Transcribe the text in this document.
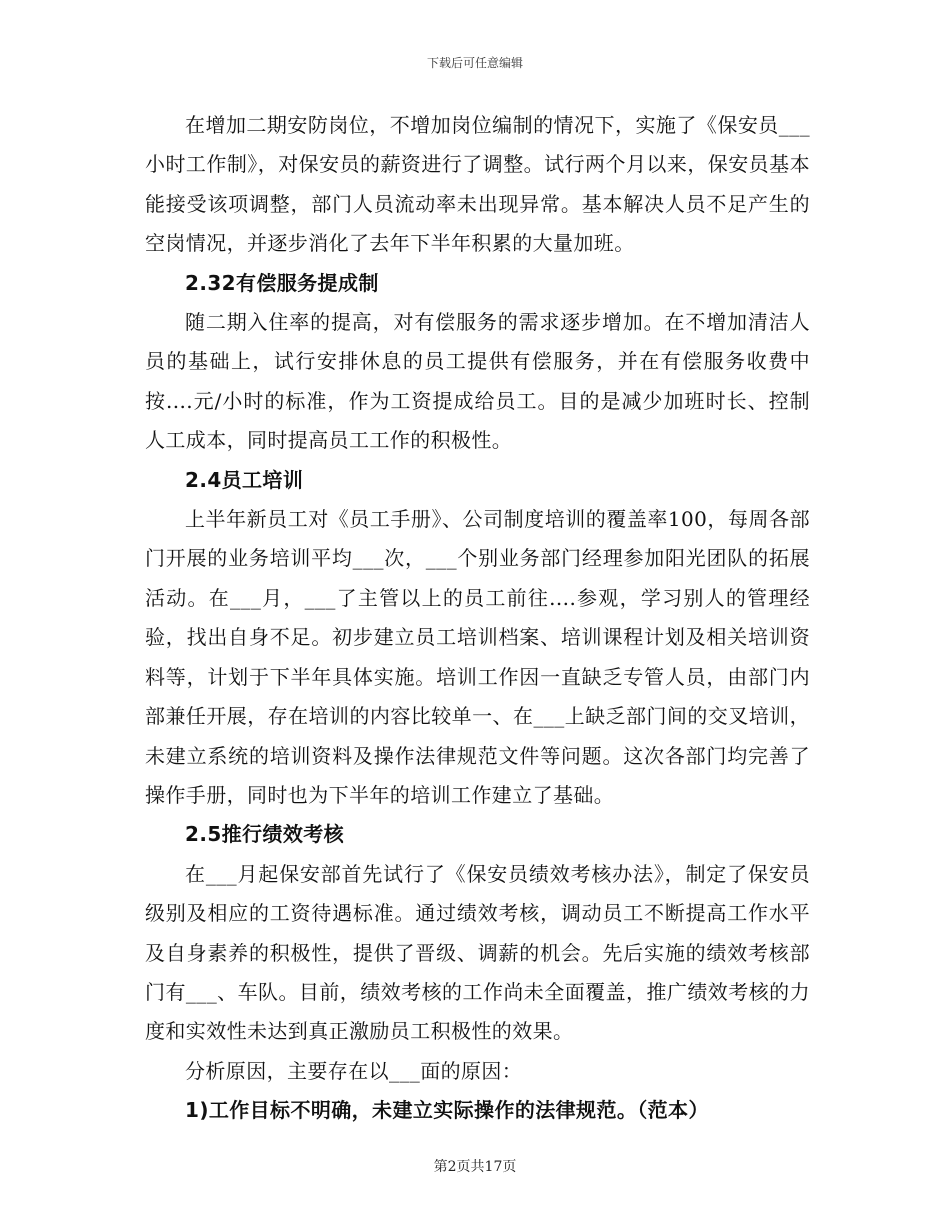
下载后可任意编辑

在增加二期安防岗位，不增加岗位编制的情况下，实施了《保安员___小时工作制》，对保安员的薪资进行了调整。试行两个月以来，保安员基本能接受该项调整，部门人员流动率未出现异常。基本解决人员不足产生的空岗情况，并逐步消化了去年下半年积累的大量加班。

2.32有偿服务提成制

随二期入住率的提高，对有偿服务的需求逐步增加。在不增加清洁人员的基础上，试行安排休息的员工提供有偿服务，并在有偿服务收费中按....元/小时的标准，作为工资提成给员工。目的是减少加班时长、控制人工成本，同时提高员工工作的积极性。

2.4员工培训

上半年新员工对《员工手册》、公司制度培训的覆盖率100，每周各部门开展的业务培训平均___次，___个别业务部门经理参加阳光团队的拓展活动。在___月，___了主管以上的员工前往....参观，学习别人的管理经验，找出自身不足。初步建立员工培训档案、培训课程计划及相关培训资料等，计划于下半年具体实施。培训工作因一直缺乏专管人员，由部门内部兼任开展，存在培训的内容比较单一、在___上缺乏部门间的交叉培训，未建立系统的培训资料及操作法律规范文件等问题。这次各部门均完善了操作手册，同时也为下半年的培训工作建立了基础。

2.5推行绩效考核

在___月起保安部首先试行了《保安员绩效考核办法》，制定了保安员级别及相应的工资待遇标准。通过绩效考核，调动员工不断提高工作水平及自身素养的积极性，提供了晋级、调薪的机会。先后实施的绩效考核部门有___、车队。目前，绩效考核的工作尚未全面覆盖，推广绩效考核的力度和实效性未达到真正激励员工积极性的效果。

分析原因，主要存在以___面的原因：

1)工作目标不明确，未建立实际操作的法律规范。（范本）

第2页共17页
